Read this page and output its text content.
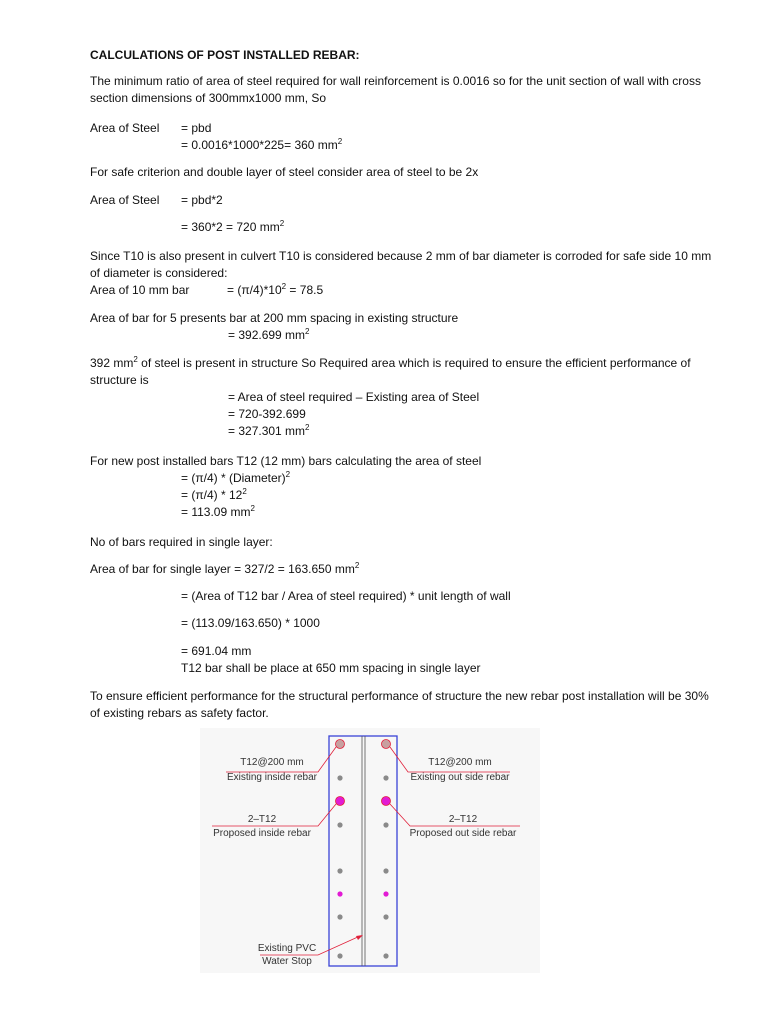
CALCULATIONS OF POST INSTALLED REBAR:

The minimum ratio of area of steel required for wall reinforcement is 0.0016 so for the unit section of wall with cross section dimensions of 300mmx1000 mm, So

Area of Steel = pbd

= 0.0016*1000*225= 360 $mm^2$

For safe criterion and double layer of steel consider area of steel to be 2x

Area of Steel = pbd*2

= 360*2 = 720 $mm^2$

Since T10 is also present in culvert T10 is considered because 2 mm of bar diameter is corroded for safe side 10 mm of diameter is considered:

Area of 10 mm bar	= $(\pi/4)*10^2 = 78.5$

Area of bar for 5 presents bar at 200 mm spacing in existing structure

= 392.699 $mm^2$

392 $mm^2$ of steel is present in structure So Required area which is required to ensure the efficient performance of structure is

= Area of steel required – Existing area of Steel

= 720-392.699

= 327.301 $mm^2$

For new post installed bars T12 (12 mm) bars calculating the area of steel

= (π/4) * (Diameter)$^2$

= $(\pi/4) * 12^2$

= 113.09 $mm^2$

No of bars required in single layer:

Area of bar for single layer = 327/2 = 163.650 $mm^2$

= (Area of T12 bar / Area of steel required) * unit length of wall

= (113.09/163.650) * 1000

= 691.04 mm

T12 bar shall be place at 650 mm spacing in single layer

To ensure efficient performance for the structural performance of structure the new rebar post installation will be 30% of existing rebars as safety factor.

T12@200 mm
Existing inside rebar
T12@200 mm
Existing out side rebar
2–T12
Proposed inside rebar
2–T12
Proposed out side rebar
Existing PVC
Water Stop
